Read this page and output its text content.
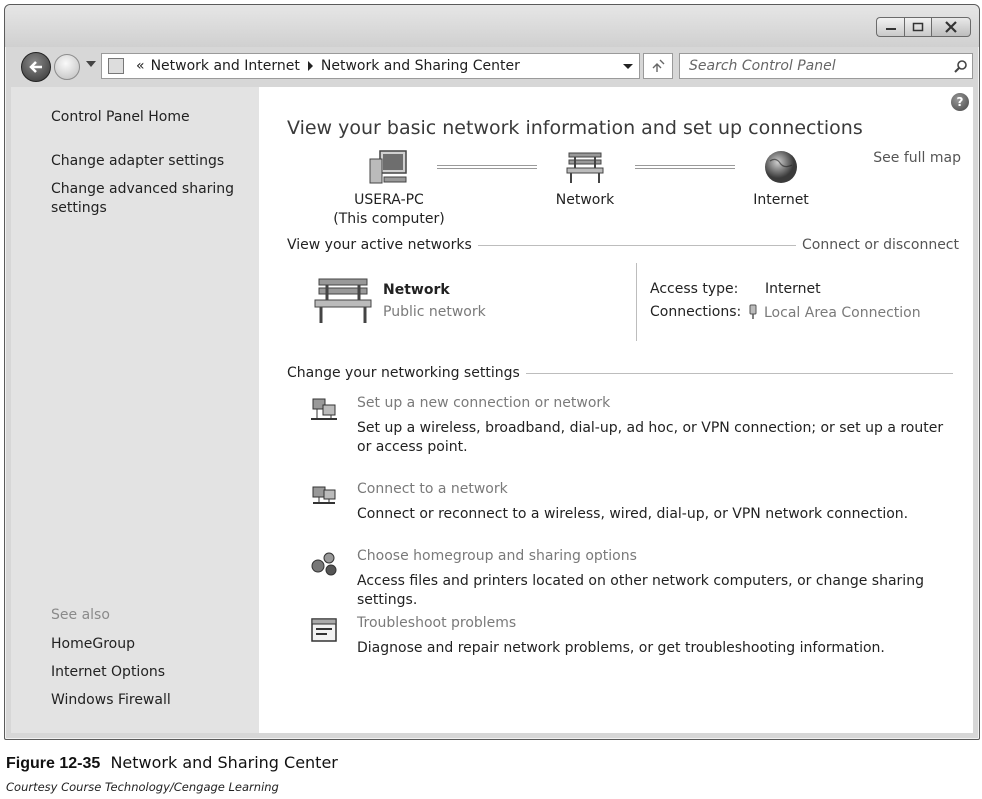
« Network and Internet Network and Sharing Center
Search Control Panel
Control Panel Home
Change adapter settings
Change advanced sharing settings
See also
HomeGroup
Internet Options
Windows Firewall
?
View your basic network information and set up connections
See full map
USERA-PC
(This computer)
Network	Internet
View your active networks	Connect or disconnect
Network
Public network
Access type: Internet
Connections:	Local Area Connection
Change your networking settings
Set up a new connection or network
Set up a wireless, broadband, dial-up, ad hoc, or VPN connection; or set up a router or access point.
Connect to a network
Connect or reconnect to a wireless, wired, dial-up, or VPN network connection.
Choose homegroup and sharing options
Access files and printers located on other network computers, or change sharing settings.
Troubleshoot problems
Diagnose and repair network problems, or get troubleshooting information.
Figure 12-35 Network and Sharing Center
Courtesy Course Technology/Cengage Learning
